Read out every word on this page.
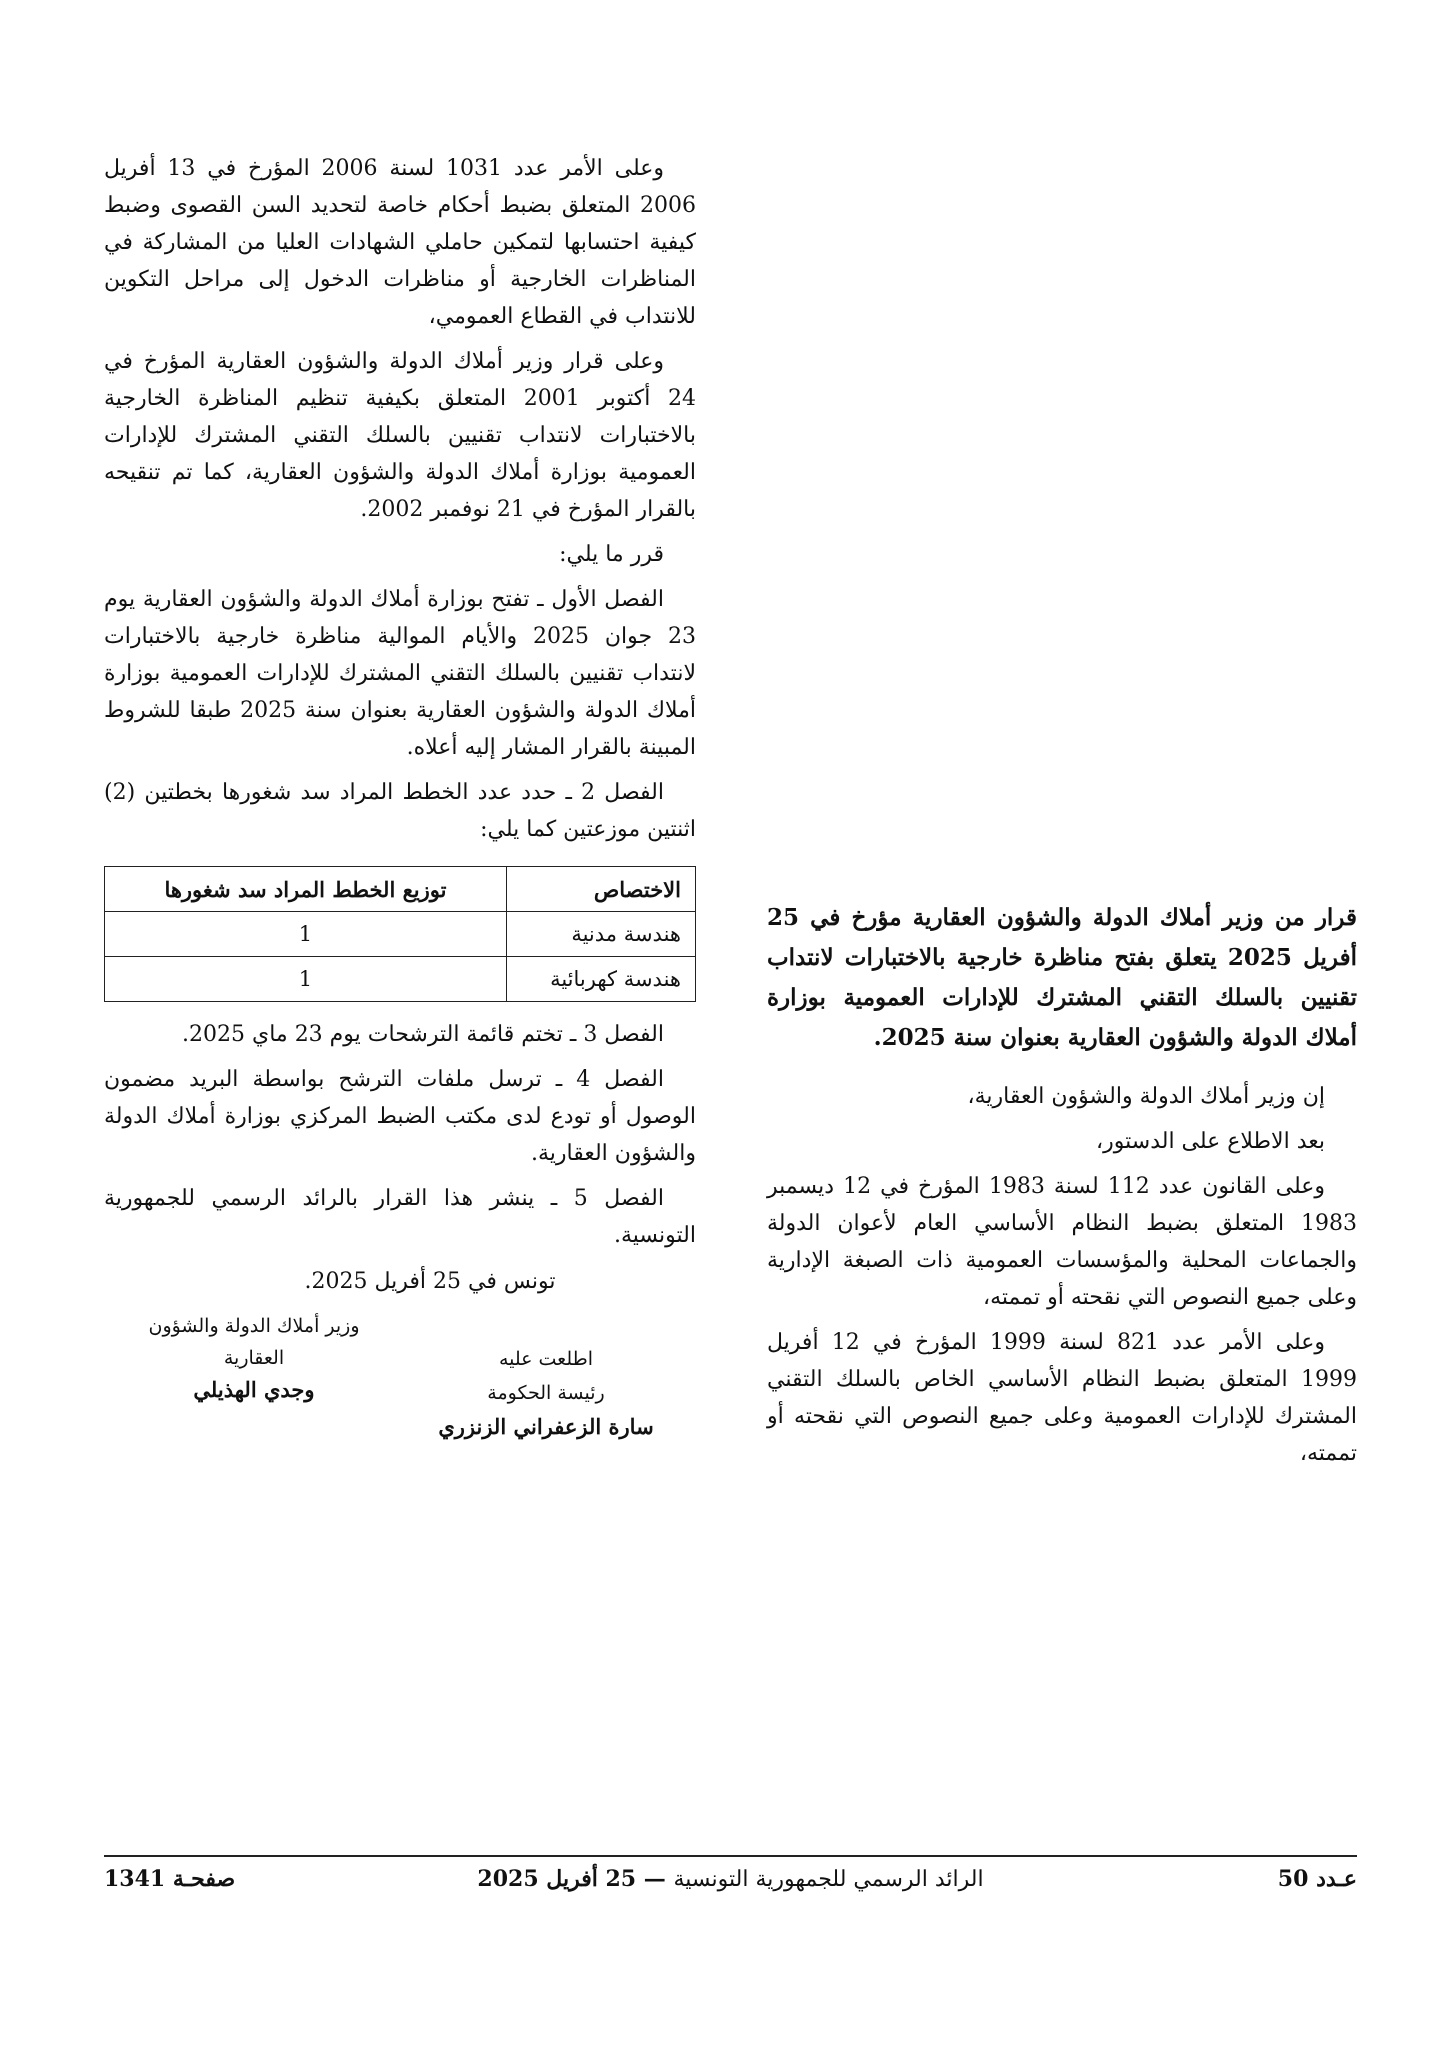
وعلى الأمر عدد 1031 لسنة 2006 المؤرخ في 13 أفريل 2006 المتعلق بضبط أحكام خاصة لتحديد السن القصوى وضبط كيفية احتسابها لتمكين حاملي الشهادات العليا من المشاركة في المناظرات الخارجية أو مناظرات الدخول إلى مراحل التكوين للانتداب في القطاع العمومي،

وعلى قرار وزير أملاك الدولة والشؤون العقارية المؤرخ في 24 أكتوبر 2001 المتعلق بكيفية تنظيم المناظرة الخارجية بالاختبارات لانتداب تقنيين بالسلك التقني المشترك للإدارات العمومية بوزارة أملاك الدولة والشؤون العقارية، كما تم تنقيحه بالقرار المؤرخ في 21 نوفمبر 2002.

قرر ما يلي:

الفصل الأول ـ تفتح بوزارة أملاك الدولة والشؤون العقارية يوم 23 جوان 2025 والأيام الموالية مناظرة خارجية بالاختبارات لانتداب تقنيين بالسلك التقني المشترك للإدارات العمومية بوزارة أملاك الدولة والشؤون العقارية بعنوان سنة 2025 طبقا للشروط المبينة بالقرار المشار إليه أعلاه.

الفصل 2 ـ حدد عدد الخطط المراد سد شغورها بخطتين (2) اثنتين موزعتين كما يلي:

الاختصاص	توزيع الخطط المراد سد شغورها
هندسة مدنية	1
هندسة كهربائية	1

الفصل 3 ـ تختم قائمة الترشحات يوم 23 ماي 2025.

الفصل 4 ـ ترسل ملفات الترشح بواسطة البريد مضمون الوصول أو تودع لدى مكتب الضبط المركزي بوزارة أملاك الدولة والشؤون العقارية.

الفصل 5 ـ ينشر هذا القرار بالرائد الرسمي للجمهورية التونسية.

تونس في 25 أفريل 2025.
اطلعت عليه
رئيسة الحكومة
سارة الزعفراني الزنزري
وزير أملاك الدولة والشؤون
العقارية
وجدي الهذيلي

قرار من وزير أملاك الدولة والشؤون العقارية مؤرخ في 25 أفريل 2025 يتعلق بفتح مناظرة خارجية بالاختبارات لانتداب تقنيين بالسلك التقني المشترك للإدارات العمومية بوزارة أملاك الدولة والشؤون العقارية بعنوان سنة 2025.

إن وزير أملاك الدولة والشؤون العقارية،

بعد الاطلاع على الدستور،

وعلى القانون عدد 112 لسنة 1983 المؤرخ في 12 ديسمبر 1983 المتعلق بضبط النظام الأساسي العام لأعوان الدولة والجماعات المحلية والمؤسسات العمومية ذات الصبغة الإدارية وعلى جميع النصوص التي نقحته أو تممته،

وعلى الأمر عدد 821 لسنة 1999 المؤرخ في 12 أفريل 1999 المتعلق بضبط النظام الأساسي الخاص بالسلك التقني المشترك للإدارات العمومية وعلى جميع النصوص التي نقحته أو تممته،

عـدد 50
الرائد الرسمي للجمهورية التونسية — 25 أفريل 2025
صفحـة 1341
